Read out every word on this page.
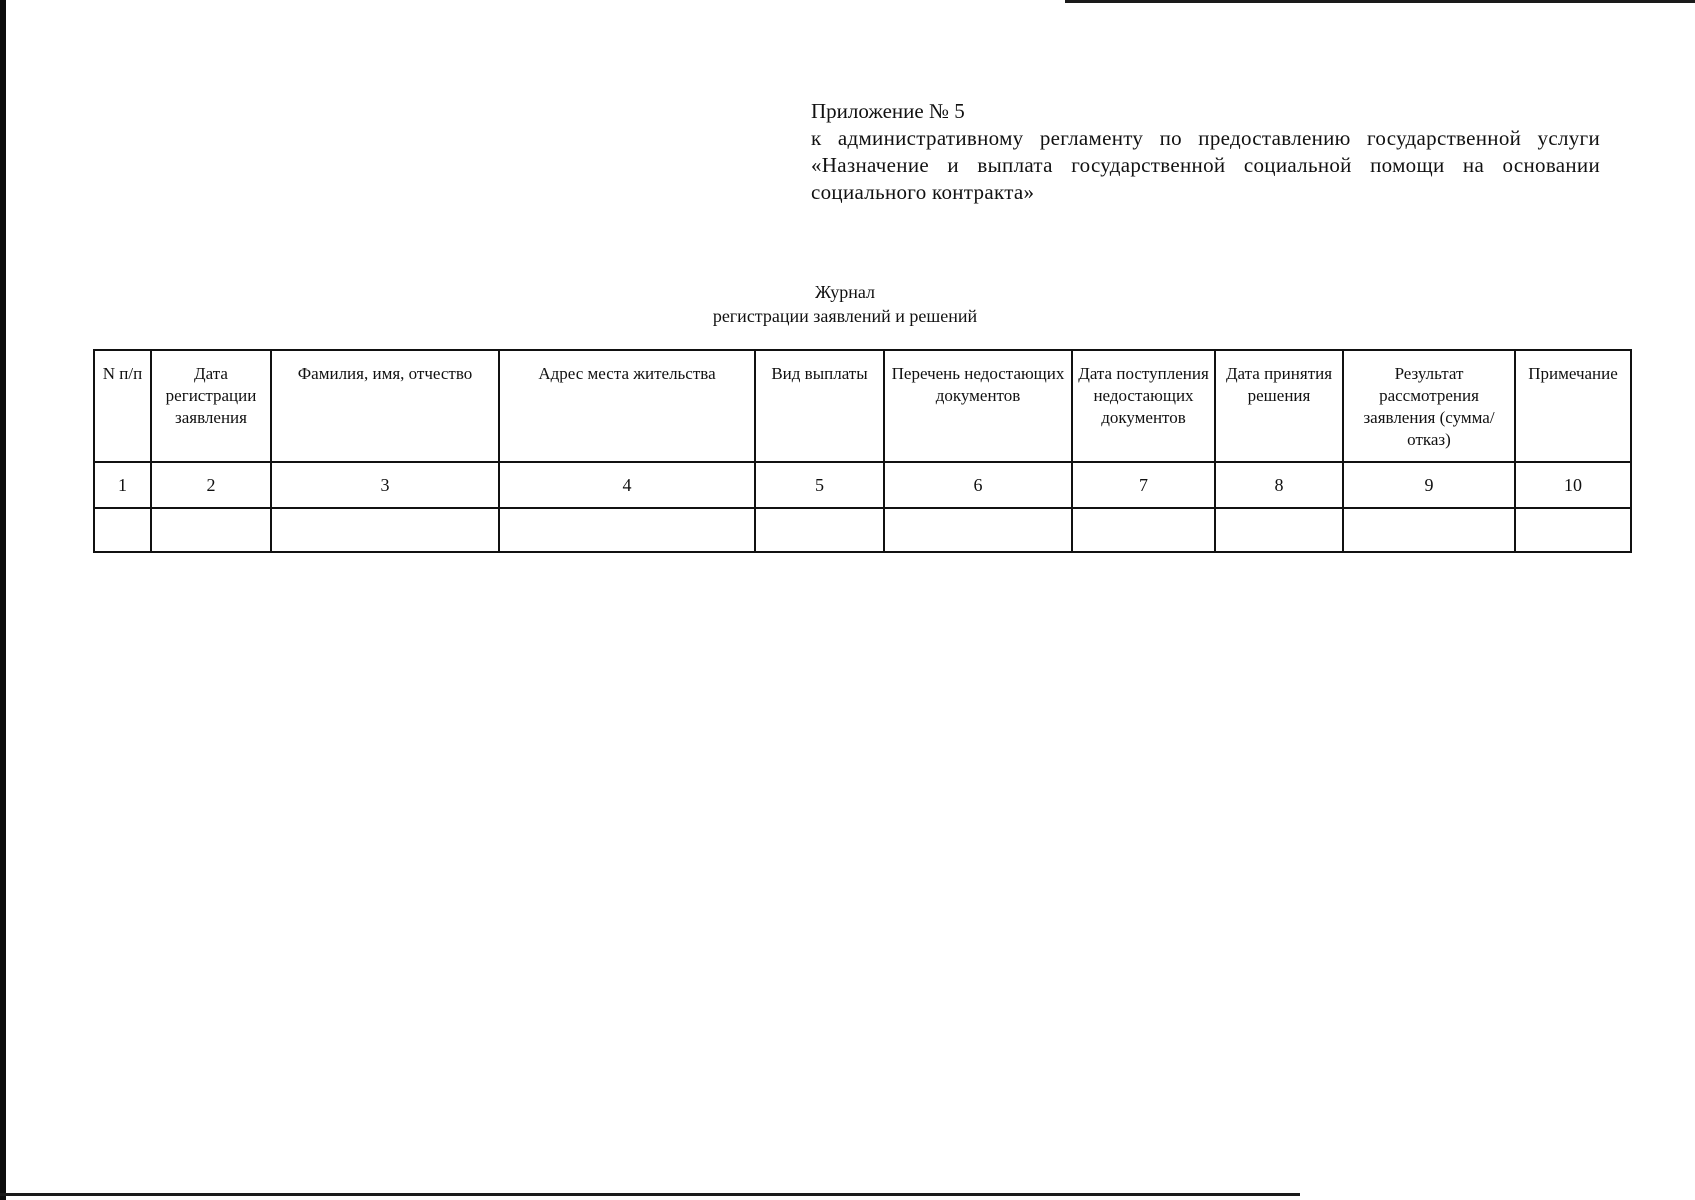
Приложение № 5

к административному регламенту по предоставлению государственной услуги «Назначение и выплата государственной социальной помощи на основании социального контракта»

Журнал
регистрации заявлений и решений
N п/п	Дата регистрации заявления	Фамилия, имя, отчество	Адрес места жительства	Вид выплаты	Перечень недостающих документов	Дата поступления недостающих документов	Дата принятия решения	Результат рассмотрения заявления (сумма/отказ)	Примечание

1	2	3	4	5	6	7	8	9	10
